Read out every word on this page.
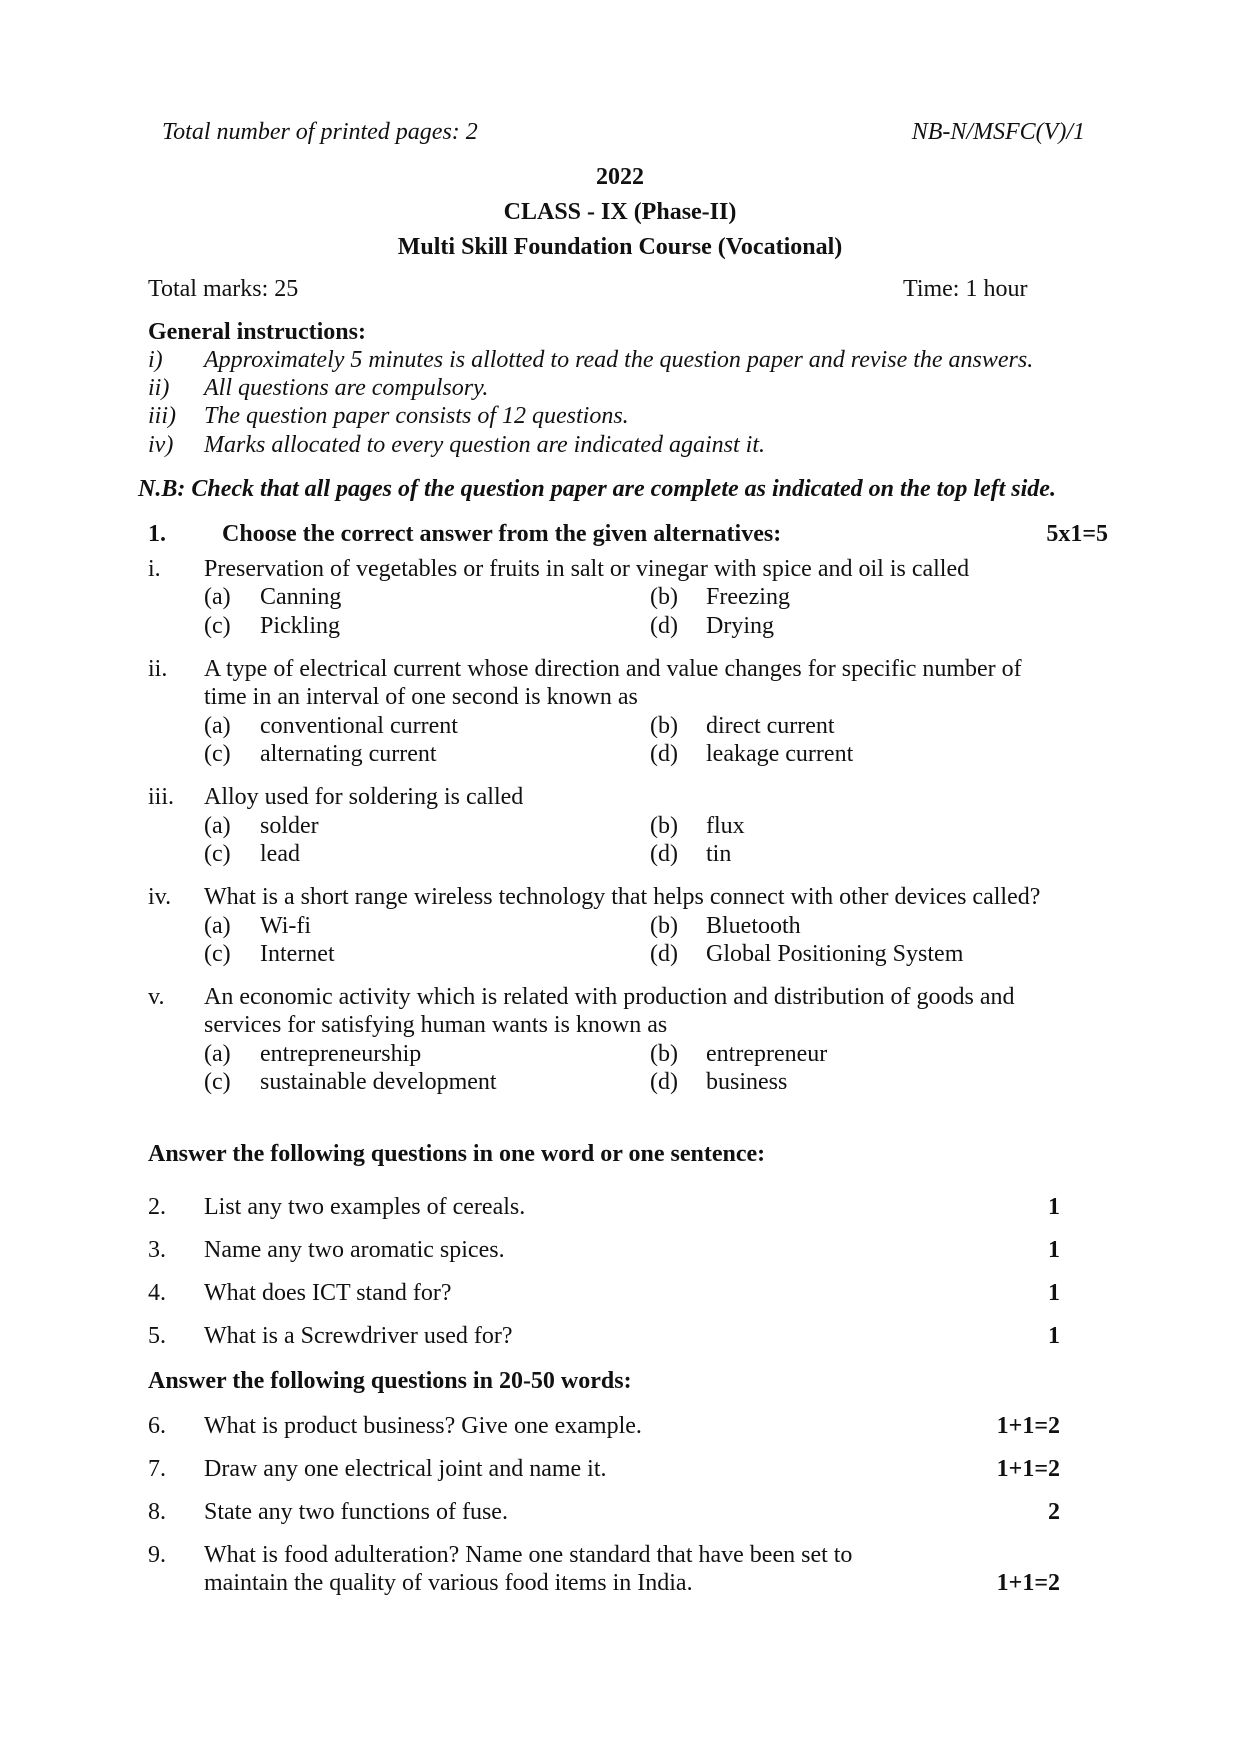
Total number of printed pages: 2	NB-N/MSFC(V)/1
2022
CLASS - IX (Phase-II)
Multi Skill Foundation Course (Vocational)
Total marks: 25	Time: 1 hour
General instructions:
i) Approximately 5 minutes is allotted to read the question paper and revise the answers.
ii) All questions are compulsory.
iii) The question paper consists of 12 questions.
iv) Marks allocated to every question are indicated against it.
N.B: Check that all pages of the question paper are complete as indicated on the top left side.
1. Choose the correct answer from the given alternatives:	5x1=5
i. Preservation of vegetables or fruits in salt or vinegar with spice and oil is called
(a) Canning	(b) Freezing
(c) Pickling	(d) Drying
ii. A type of electrical current whose direction and value changes for specific number of
time in an interval of one second is known as
(a) conventional current	(b) direct current
(c) alternating current	(d) leakage current
iii. Alloy used for soldering is called
(a) solder	(b) flux
(c) lead	(d) tin
iv. What is a short range wireless technology that helps connect with other devices called?
(a) Wi-fi	(b) Bluetooth
(c) Internet	(d) Global Positioning System
v. An economic activity which is related with production and distribution of goods and
services for satisfying human wants is known as
(a) entrepreneurship	(b) entrepreneur
(c) sustainable development	(d) business
Answer the following questions in one word or one sentence:
2. List any two examples of cereals.	1
3. Name any two aromatic spices.	1
4. What does ICT stand for?	1
5. What is a Screwdriver used for?	1
Answer the following questions in 20-50 words:
6. What is product business? Give one example.	1+1=2
7. Draw any one electrical joint and name it.	1+1=2
8. State any two functions of fuse.	2
9. What is food adulteration? Name one standard that have been set to
maintain the quality of various food items in India.	1+1=2
